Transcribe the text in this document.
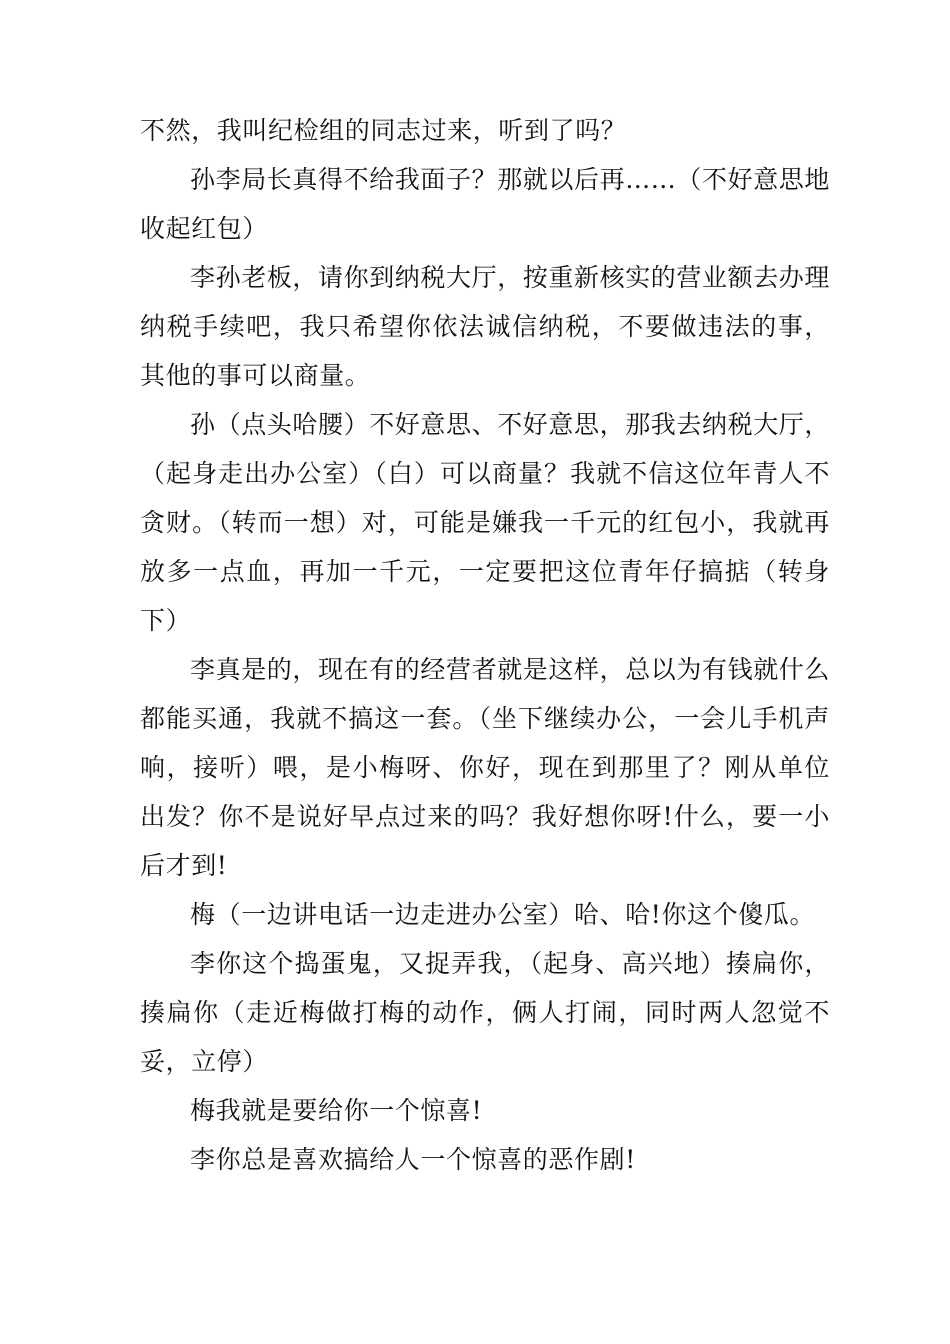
不然，我叫纪检组的同志过来，听到了吗？

孙李局长真得不给我面子？那就以后再……（不好意思地收起红包）

李孙老板，请你到纳税大厅，按重新核实的营业额去办理纳税手续吧，我只希望你依法诚信纳税，不要做违法的事，其他的事可以商量。

孙（点头哈腰）不好意思、不好意思，那我去纳税大厅，（起身走出办公室）（白）可以商量？我就不信这位年青人不贪财。（转而一想）对，可能是嫌我一千元的红包小，我就再放多一点血，再加一千元，一定要把这位青年仔搞掂（转身下）

李真是的，现在有的经营者就是这样，总以为有钱就什么都能买通，我就不搞这一套。（坐下继续办公，一会儿手机声响，接听）喂，是小梅呀、你好，现在到那里了？刚从单位出发？你不是说好早点过来的吗？我好想你呀!什么，要一小后才到!

梅（一边讲电话一边走进办公室）哈、哈!你这个傻瓜。

李你这个捣蛋鬼，又捉弄我，（起身、高兴地）揍扁你，揍扁你（走近梅做打梅的动作，俩人打闹，同时两人忽觉不妥，立停）

梅我就是要给你一个惊喜!

李你总是喜欢搞给人一个惊喜的恶作剧!
